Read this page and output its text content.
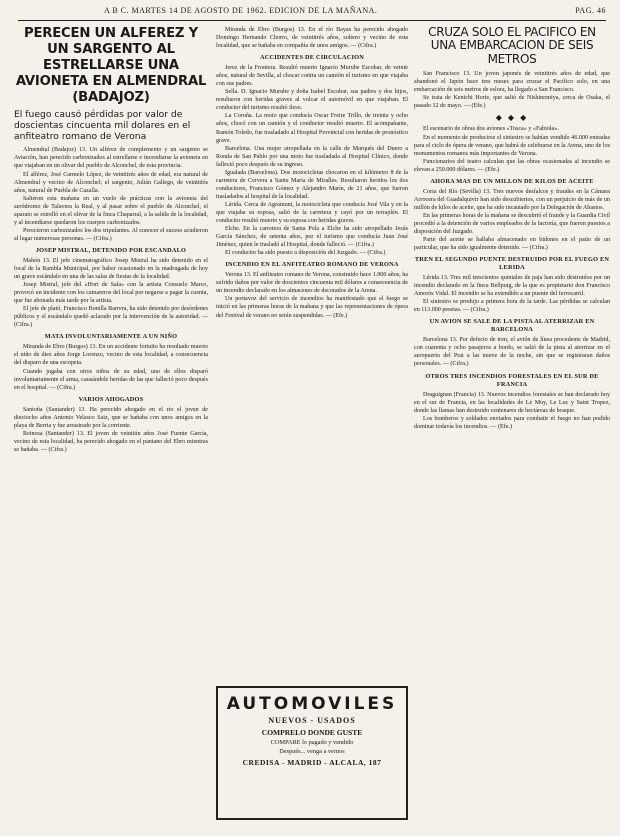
A B C. MARTES 14 DE AGOSTO DE 1962. EDICION DE LA MAÑANA.	PAG. 46
PERECEN UN ALFEREZ Y UN SARGENTO AL ESTRELLARSE UNA AVIONETA EN ALMENDRAL (BADAJOZ)
El fuego causó pérdidas por valor de doscientas cincuenta mil dolares en el anfiteatro romano de Verona

Almendral (Badajoz) 13. Un alférez de complemento y un sargento se Aviación, han perecido carbonizados al estrellarse e incendiarse la avioneta en que viajaban en un olivar del pueblo de Alconchel, de esta provincia.

El alférez, José Carmelo López, de veintitrés años de edad, era natural de Almendral y vecino de Alconchel; el sargento, Julián Gallego, de veintidós años, natural de Puebla de Cazalla.

Salieron esta mañana en un vuelo de prácticas con la avioneta del aeródromo de Talavera la Real, y al pasar sobre el pueblo de Alconchel, el aparato se estrelló en el olivar de la finca Chaparral, a la salida de la localidad, y al incendiarse quedaron los cuerpos carbonizados.

Perecieron carbonizados los dos tripulantes. Al conocer el suceso acudieron al lugar numerosas personas. — (Cifra.)

JOSEP MISTRAL, DETENIDO POR ESCANDALO

Mahón 13. El jefe cinematográfico Josep Mistral ha sido detenido en el local de la Rambla Municipal, por haber ocasionado en la madrugada de hoy un grave escándalo en una de las salas de fiestas de la localidad.

Josep Mistral, jefe del «Hort de Sala» con la artista Consuelo Marco, provocó un incidente con los camareros del local por negarse a pagar la cuenta, que fue abonada más tarde por la artista.

El jefe de plató, Francisco Bonilla Barrera, ha sido detenido por desórdenes públicos y el escándalo quedó aclarado por la intervención de la autoridad. — (Cifra.)

MATA INVOLUNTARIAMENTE A UN NIÑO

Miranda de Ebro (Burgos) 13. En un accidente fortuito ha resultado muerto el niño de diez años Jorge Lorenzo, vecino de esta localidad, a consecuencia del disparo de una escopeta.

Cuando jugaba con otros niños de su edad, uno de ellos disparó involuntariamente el arma, causándole heridas de las que falleció poco después en el hospital. — (Cifra.)

VARIOS AHOGADOS

Santoña (Santander) 13. Ha perecido ahogado en el río el joven de dieciocho años Antonio Velasco Saiz, que se bañaba con unos amigos en la playa de Berria y fue arrastrado por la corriente.

Reinosa (Santander) 13. El joven de veintiún años José Fuente García, vecino de esta localidad, ha perecido ahogado en el pantano del Ebro mientras se bañaba. — (Cifra.)

Miranda de Ebro (Burgos) 13. En el río Bayas ha perecido ahogado Domingo Hernando Chorro, de veintitrés años, soltero y vecino de esta localidad, que se bañaba en compañía de unos amigos. — (Cifra.)

ACCIDENTES DE CIRCULACION

Jerez de la Frontera. Resultó muerto Ignacio Murube Escobar, de veinte años, natural de Sevilla, al chocar contra un camión el turismo en que viajaba con sus padres.

Sella. D. Ignacio Murube y doña Isabel Escobar, sus padres y dos hijos, resultaron con heridas graves al volcar el automóvil en que viajaban. El conductor del turismo resultó ileso.

La Coruña. La moto que conducía Oscar Freire Trillo, de treinta y ocho años, chocó con un camión y el conductor resultó muerto. El acompañante, Ramón Toledo, fue trasladado al Hospital Provincial con heridas de pronóstico grave.

Barcelona. Una mujer atropellada en la calle de Marqués del Duero a Ronda de San Pablo por una moto fue trasladada al Hospital Clínico, donde falleció poco después de su ingreso.

Igualada (Barcelona). Dos motocicletas chocaron en el kilómetro 8 de la carretera de Cervera a Santa María de Miralles. Resultaron heridos los dos conductores, Francisco Gómez y Alejandro Marín, de 21 años, que fueron trasladados al hospital de la localidad.

Lérida. Cerca de Agramunt, la motocicleta que conducía José Vila y en la que viajaba su esposa, salió de la carretera y cayó por un terraplén. El conductor resultó muerto y su esposa con heridas graves.

Elche. En la carretera de Santa Pola a Elche ha sido atropellado Jesús García Sánchez, de setenta años, por el turismo que conducía Juan José Jiménez, quien le trasladó al Hospital, donde falleció. — (Cifra.)

El conductor ha sido puesto a disposición del Juzgado. — (Cifra.)

INCENDIO EN EL ANFITEATRO ROMANO DE VERONA

Verona 13. El anfiteatro romano de Verona, construido hace 1.900 años, ha sufrido daños por valor de doscientos cincuenta mil dólares a consecuencia de un incendio declarado en los almacenes de decorados de la Arena.

Un portavoz del servicio de incendios ha manifestado que el fuego se inició en las primeras horas de la mañana y que las representaciones de ópera del Festival de verano no serán suspendidas. — (Efe.)

AUTOMOVILES
NUEVOS - USADOS
COMPRELO DONDE GUSTE
COMPARE lo pagado y vendido
Después... venga a vernos
CREDISA - MADRID - ALCALA, 187
CRUZA SOLO EL PACIFICO EN UNA EMBARCACION DE SEIS METROS

San Francisco 13. Un joven japonés de veintitrés años de edad, que abandonó el Japón hace tres meses para cruzar el Pacífico solo, en una embarcación de seis metros de eslora, ha llegado a San Francisco.

Se trata de Kenichi Horie, que salió de Nishinomiya, cerca de Osaka, el pasado 12 de mayo. — (Efe.)

◆ ◆ ◆

El escenario de obras dos aviones «Tosca» y «Fabiola».

En el momento de producirse el siniestro se habían vendido 46.000 entradas para el ciclo de ópera de verano, que habrá de celebrarse en la Arena, uno de los monumentos romanos más importantes de Verona.

Funcionarios del teatro calculan que las obras ocasionadas al incendio se elevan a 250.000 dólares. — (Efe.)

AHORA MAS DE UN MILLON DE KILOS DE ACEITE

Coria del Río (Sevilla) 13. Tres nuevos desfalcos y fraudes en la Cámara Arrocera del Guadalquivir han sido descubiertos, con un perjuicio de más de un millón de kilos de aceite, que ha sido incautado por la Delegación de Abastos.

En las primeras horas de la mañana se descubrió el fraude y la Guardia Civil procedió a la detención de varios empleados de la factoría, que fueron puestos a disposición del Juzgado.

Parte del aceite se hallaba almacenado en bidones en el patio de un particular, que ha sido igualmente detenido. — (Cifra.)

TREN EL SEGUNDO PUENTE DESTRUIDO POR EL FUEGO EN LERIDA

Lérida 13. Tres mil trescientos quintales de paja han sido destruidos por un incendio declarado en la finca Bellpuig, de la que es propietario don Francisco Amorós Vidal. El incendio se ha extendido a un puente del ferrocarril.

El siniestro se produjo a primera hora de la tarde. Las pérdidas se calculan en 113.000 pesetas. — (Cifra.)

UN AVION SE SALE DE LA PISTA AL ATERRIZAR EN BARCELONA

Barcelona 13. Por defecto de tren, el avión de línea procedente de Madrid, con cuarenta y ocho pasajeros a bordo, se salió de la pista al aterrizar en el aeropuerto del Prat a las nueve de la noche, sin que se registraran daños personales. — (Cifra.)

OTROS TRES INCENDIOS FORESTALES EN EL SUR DE FRANCIA

Draguignan (Francia) 13. Nuevos incendios forestales se han declarado hoy en el sur de Francia, en las localidades de Le Muy, Le Luc y Saint Tropez, donde las llamas han destruido centenares de hectáreas de bosque.

Los bomberos y soldados enviados para combatir el fuego no han podido dominar todavía los incendios. — (Efe.)
